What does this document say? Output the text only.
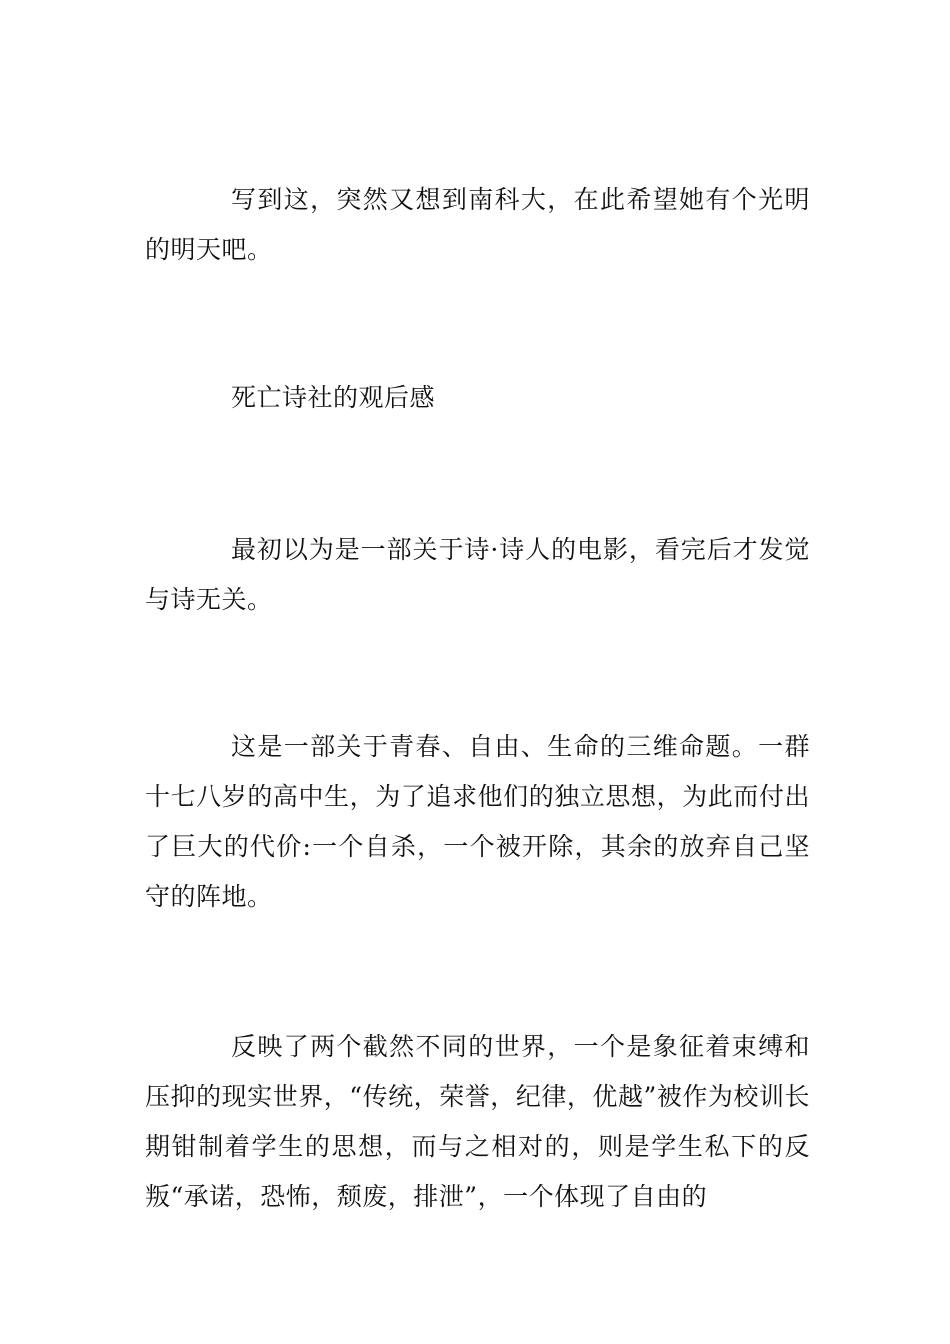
写到这，突然又想到南科大，在此希望她有个光明的明天吧。

死亡诗社的观后感

最初以为是一部关于诗·诗人的电影，看完后才发觉与诗无关。

这是一部关于青春、自由、生命的三维命题。一群十七八岁的高中生，为了追求他们的独立思想，为此而付出了巨大的代价:一个自杀，一个被开除，其余的放弃自己坚守的阵地。

反映了两个截然不同的世界，一个是象征着束缚和压抑的现实世界，“传统，荣誉，纪律，优越”被作为校训长期钳制着学生的思想，而与之相对的，则是学生私下的反叛“承诺，恐怖，颓废，排泄”，一个体现了自由的
